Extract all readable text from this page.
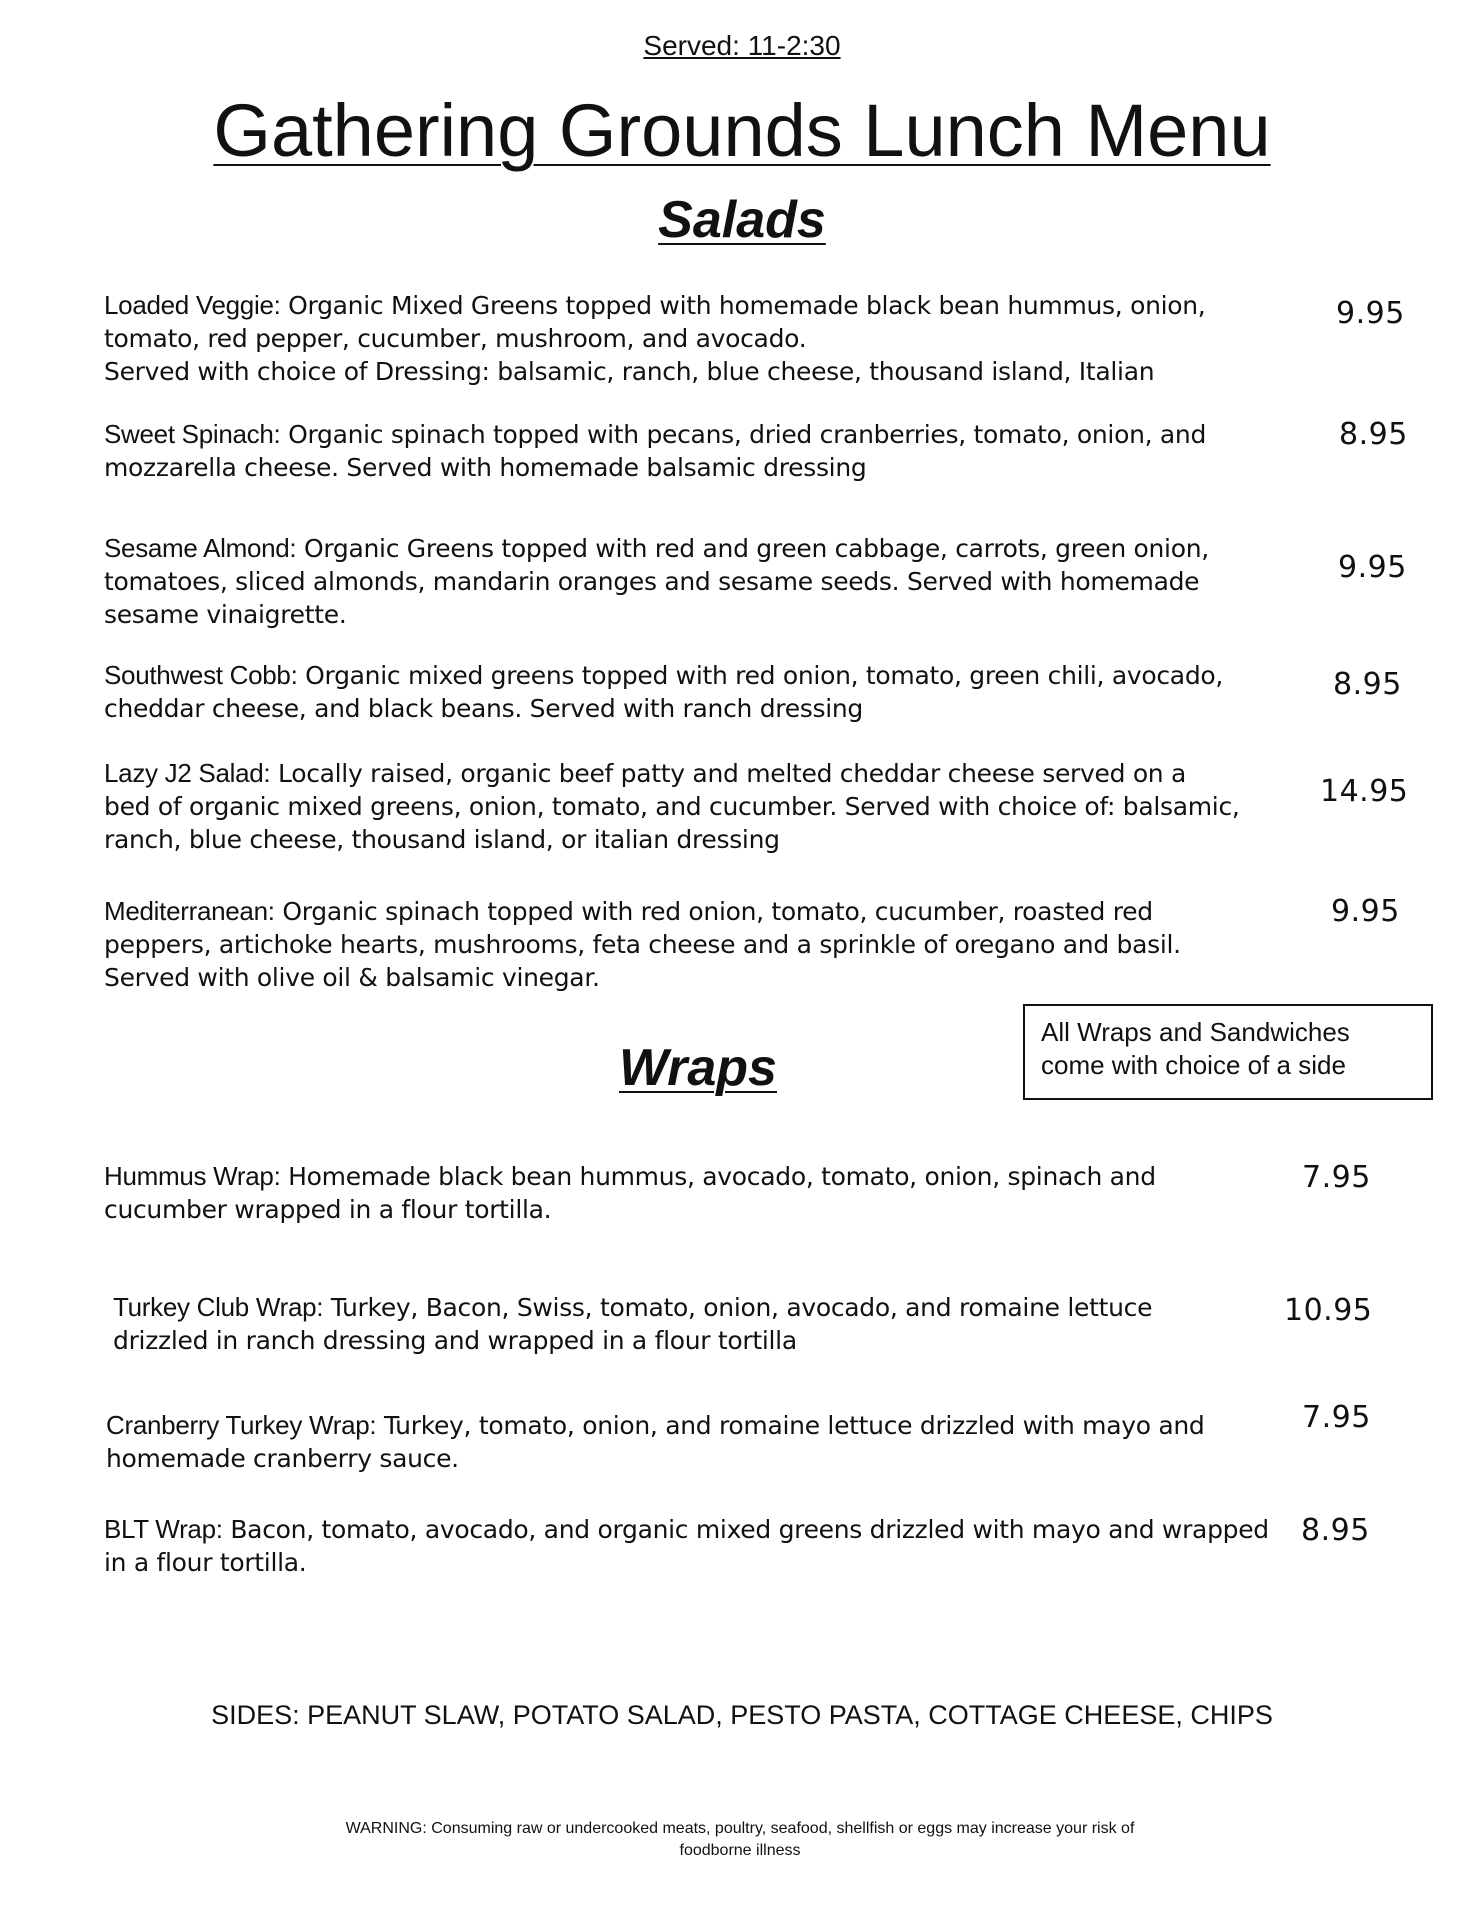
Served: 11-2:30
Gathering Grounds Lunch Menu
Salads
Loaded Veggie: Organic Mixed Greens topped with homemade black bean hummus, onion,
tomato, red pepper, cucumber, mushroom, and avocado.
Served with choice of Dressing: balsamic, ranch, blue cheese, thousand island, Italian
9.95
Sweet Spinach: Organic spinach topped with pecans, dried cranberries, tomato, onion, and
mozzarella cheese. Served with homemade balsamic dressing
8.95
Sesame Almond: Organic Greens topped with red and green cabbage, carrots, green onion,
tomatoes, sliced almonds, mandarin oranges and sesame seeds. Served with homemade
sesame vinaigrette.
9.95
Southwest Cobb: Organic mixed greens topped with red onion, tomato, green chili, avocado,
cheddar cheese, and black beans. Served with ranch dressing
8.95
Lazy J2 Salad: Locally raised, organic beef patty and melted cheddar cheese served on a
bed of organic mixed greens, onion, tomato, and cucumber. Served with choice of: balsamic,
ranch, blue cheese, thousand island, or italian dressing
14.95
Mediterranean: Organic spinach topped with red onion, tomato, cucumber, roasted red
peppers, artichoke hearts, mushrooms, feta cheese and a sprinkle of oregano and basil.
Served with olive oil & balsamic vinegar.
9.95
All Wraps and Sandwiches
come with choice of a side
Wraps
Hummus Wrap: Homemade black bean hummus, avocado, tomato, onion, spinach and
cucumber wrapped in a flour tortilla.
7.95
Turkey Club Wrap: Turkey, Bacon, Swiss, tomato, onion, avocado, and romaine lettuce
drizzled in ranch dressing and wrapped in a flour tortilla
10.95
Cranberry Turkey Wrap: Turkey, tomato, onion, and romaine lettuce drizzled with mayo and
homemade cranberry sauce.
7.95
BLT Wrap: Bacon, tomato, avocado, and organic mixed greens drizzled with mayo and wrapped
in a flour tortilla.
8.95
SIDES: PEANUT SLAW, POTATO SALAD, PESTO PASTA, COTTAGE CHEESE, CHIPS
WARNING: Consuming raw or undercooked meats, poultry, seafood, shellfish or eggs may increase your risk of
foodborne illness
